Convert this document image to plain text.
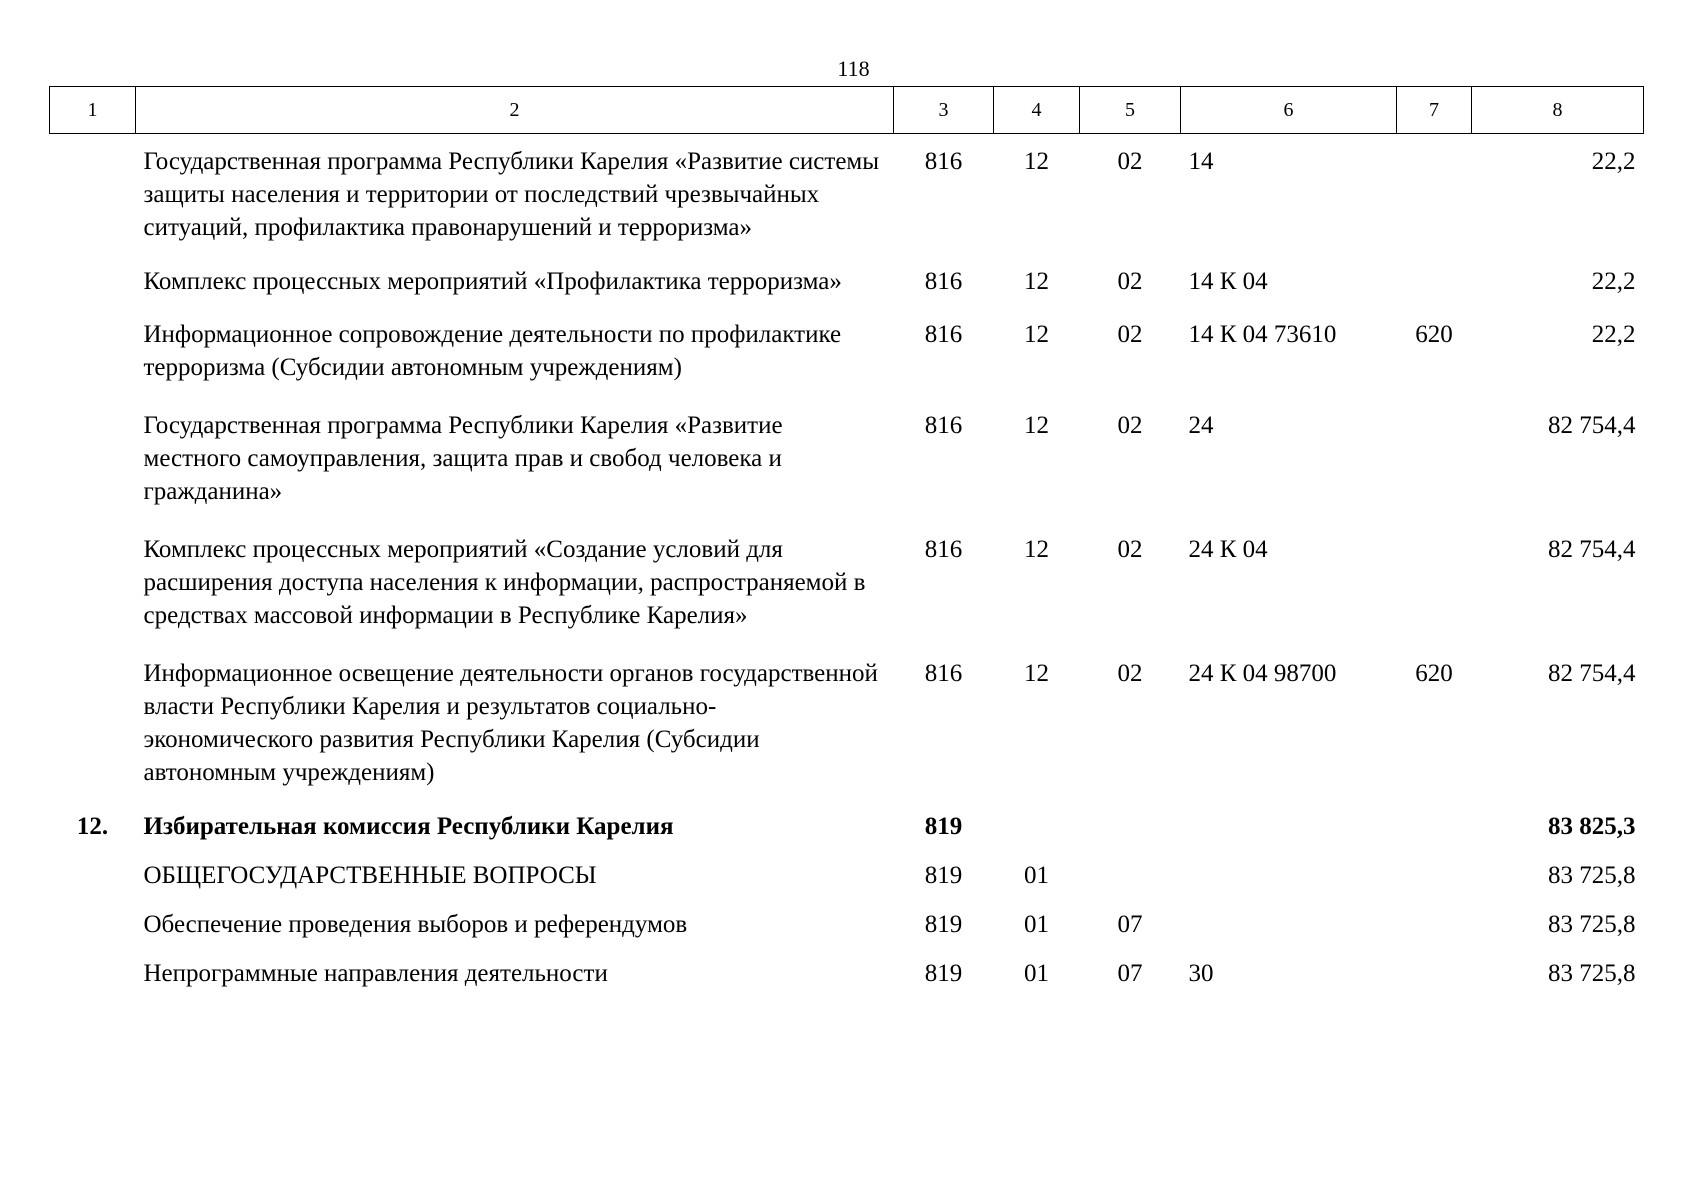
118
1	2	3	4	5	6	7	8
	Государственная программа Республики Карелия «Развитие системы защиты населения и территории от последствий чрезвычайных ситуаций, профилактика правонарушений и терроризма»	816	12	02	14		22,2
	Комплекс процессных мероприятий «Профилактика терроризма»	816	12	02	14 К 04		22,2
	Информационное сопровождение деятельности по профилактике терроризма (Субсидии автономным учреждениям)	816	12	02	14 К 04 73610	620	22,2
	Государственная программа Республики Карелия «Развитие местного самоуправления, защита прав и свобод человека и гражданина»	816	12	02	24		82 754,4
	Комплекс процессных мероприятий «Создание условий для расширения доступа населения к информации, распространяемой в средствах массовой информации в Республике Карелия»	816	12	02	24 К 04		82 754,4
	Информационное освещение деятельности органов государственной власти Республики Карелия и результатов социально-экономического развития Республики Карелия (Субсидии автономным учреждениям)	816	12	02	24 К 04 98700	620	82 754,4
12.	Избирательная комиссия Республики Карелия	819					83 825,3
	ОБЩЕГОСУДАРСТВЕННЫЕ ВОПРОСЫ	819	01				83 725,8
	Обеспечение проведения выборов и референдумов	819	01	07			83 725,8
	Непрограммные направления деятельности	819	01	07	30		83 725,8
